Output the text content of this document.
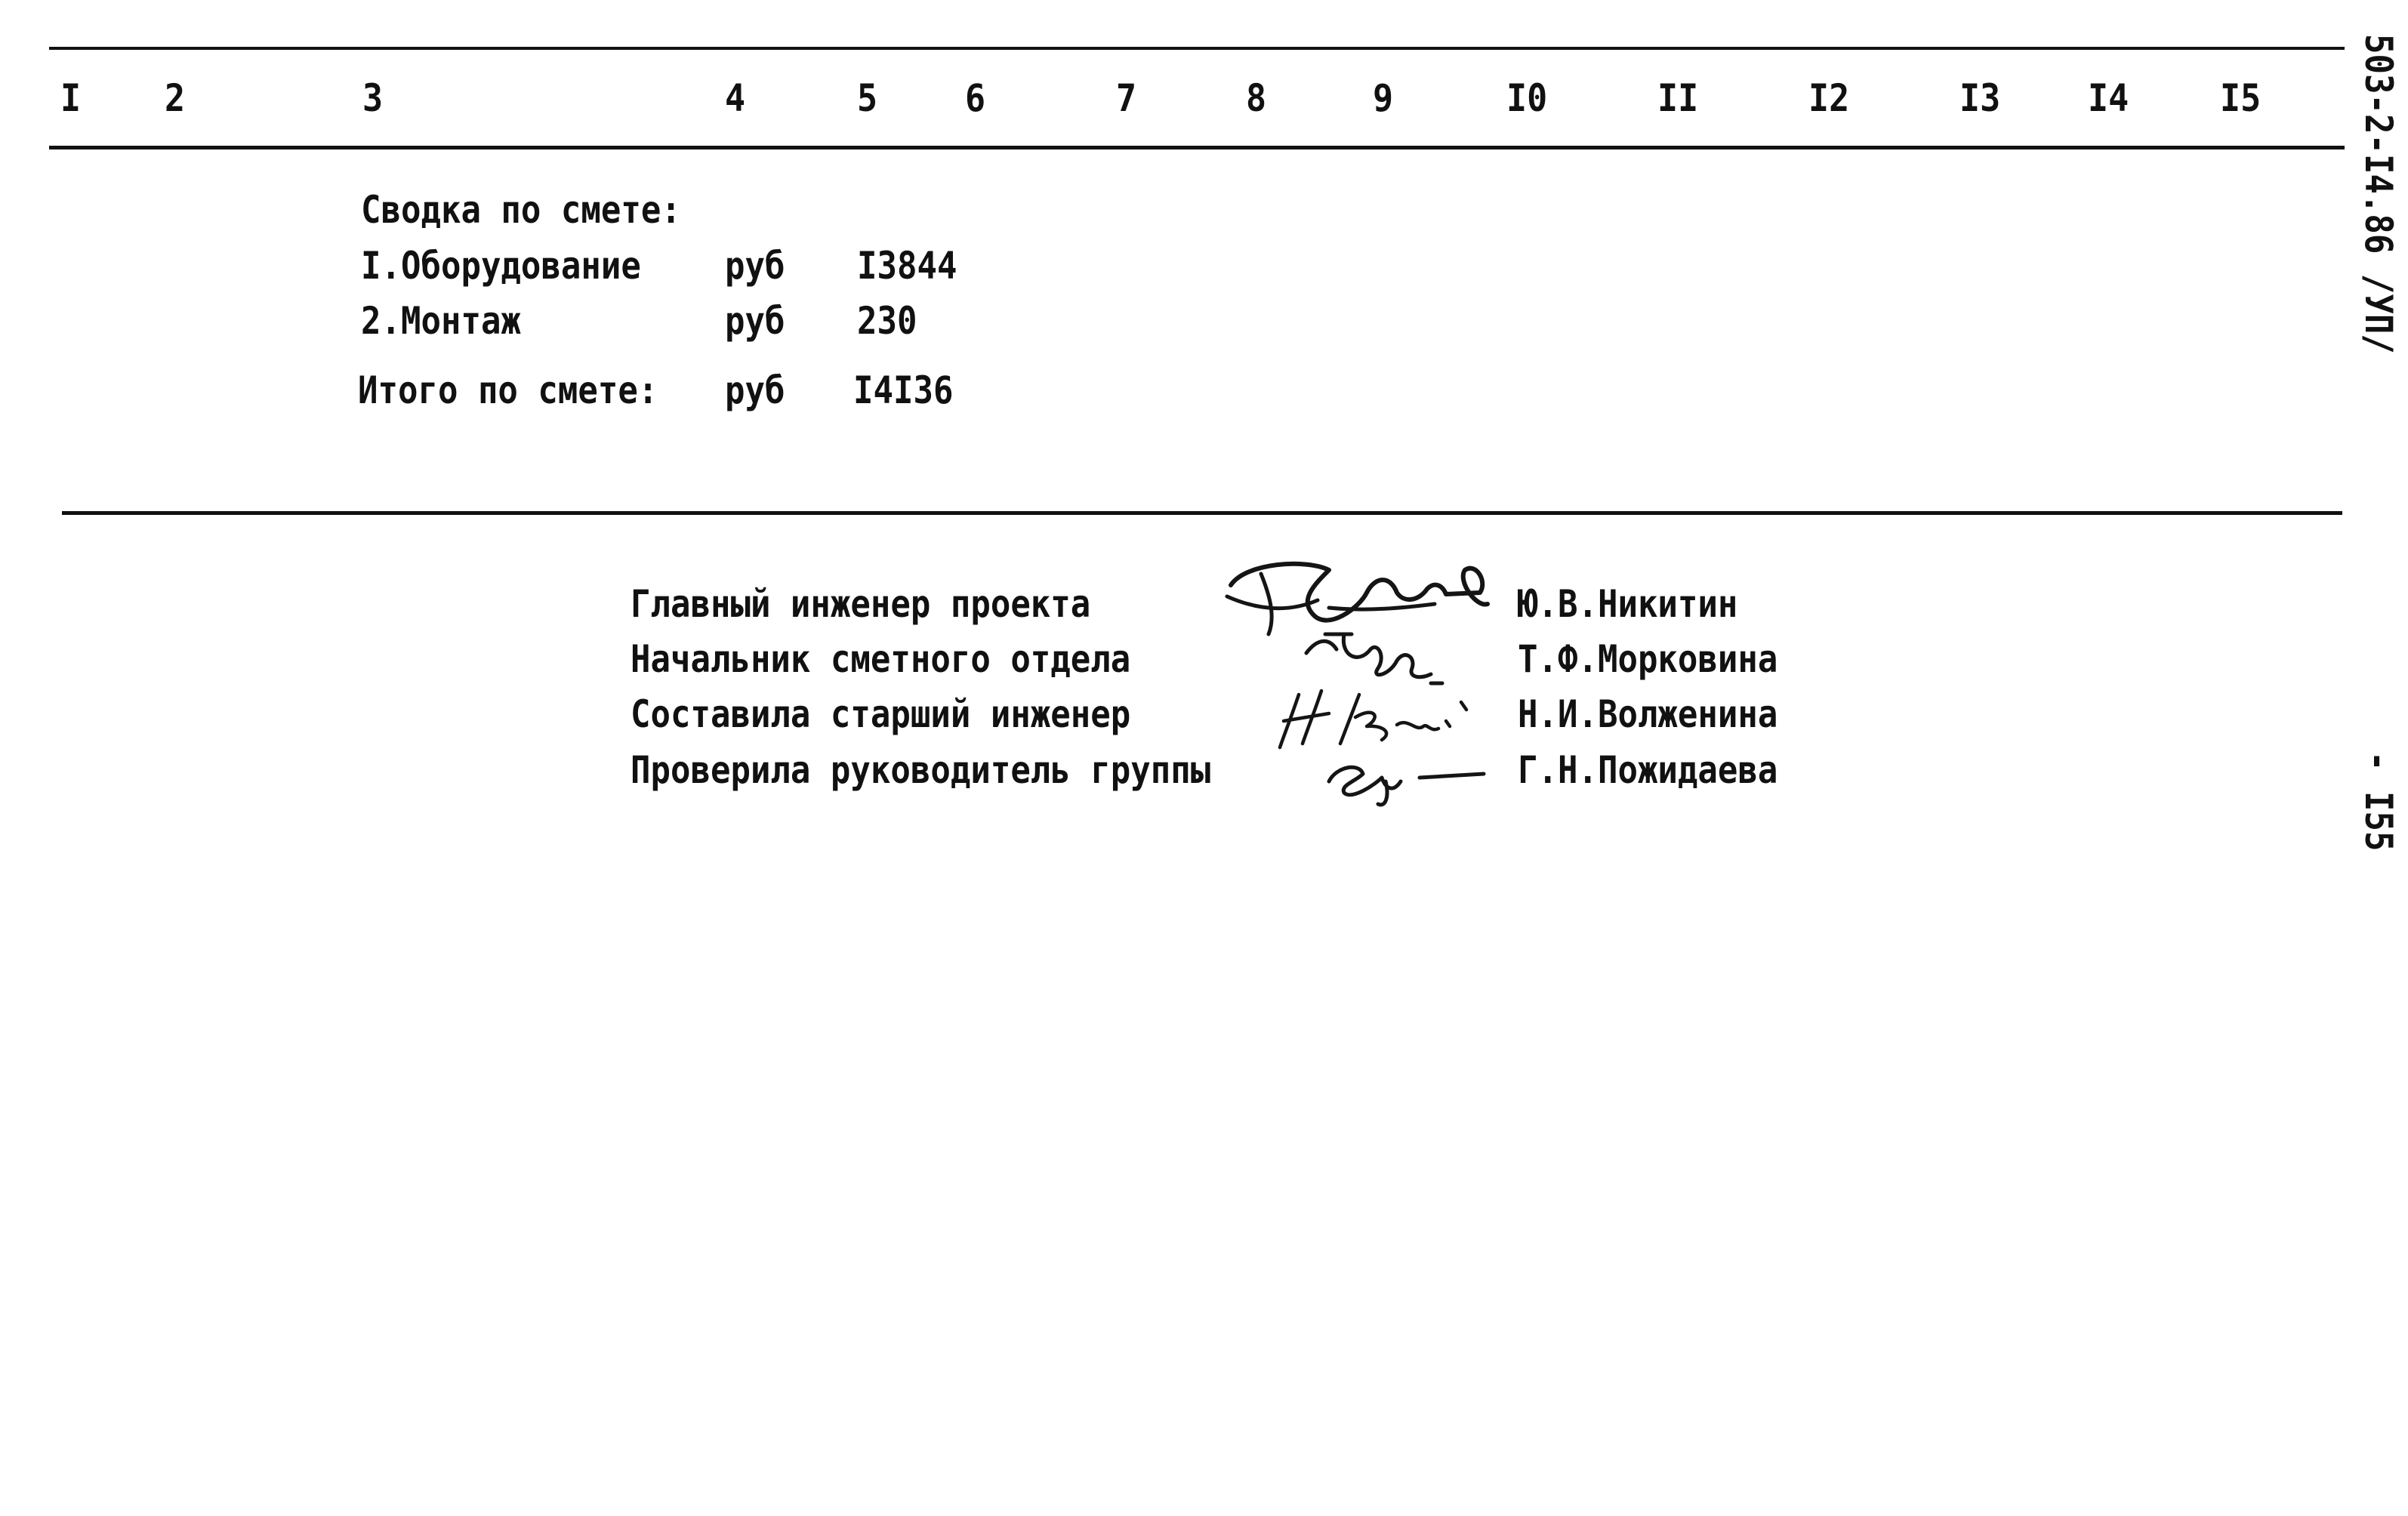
I 2	3	4	5 6	7	8	9	I0	II	I2	I3 I4 I5
Сводка по смете:
I.Оборудование руб I3844
2.Монтаж	руб 230
Итого по смете: руб I4I36
Главный инженер проекта	Ю.В.Никитин
Начальник сметного отдела	Т.Ф.Морковина
Составила старший инженер	Н.И.Волженина
Проверила руководитель группы	Г.Н.Пожидаева
503-2-I4.86 /УП/
- I55
